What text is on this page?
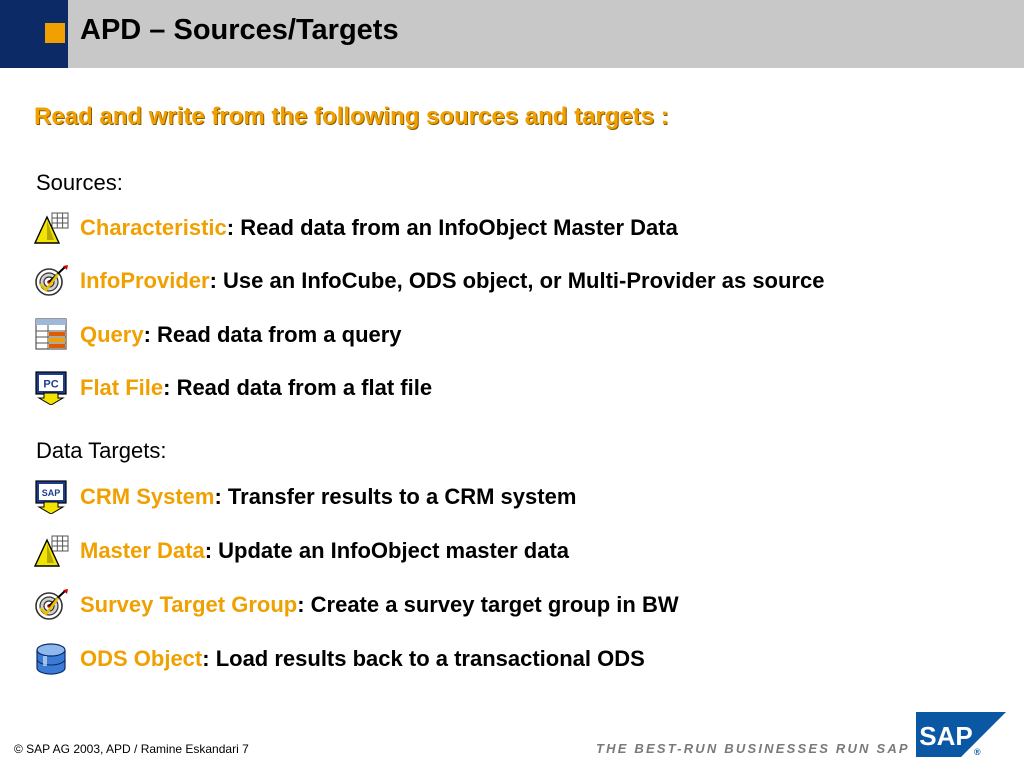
APD – Sources/Targets
Read and write from the following sources and targets :
Sources:
Characteristic: Read data from an InfoObject Master Data
InfoProvider: Use an InfoCube, ODS object, or Multi-Provider as source
Query: Read data from a query
PC Flat File: Read data from a flat file
Data Targets:
SAP CRM System: Transfer results to a CRM system
Master Data: Update an InfoObject master data
Survey Target Group: Create a survey target group in BW
ODS Object: Load results back to a transactional ODS
© SAP AG 2003, APD / Ramine Eskandari 7	THE BEST-RUN BUSINESSES RUN SAP SAP
®
